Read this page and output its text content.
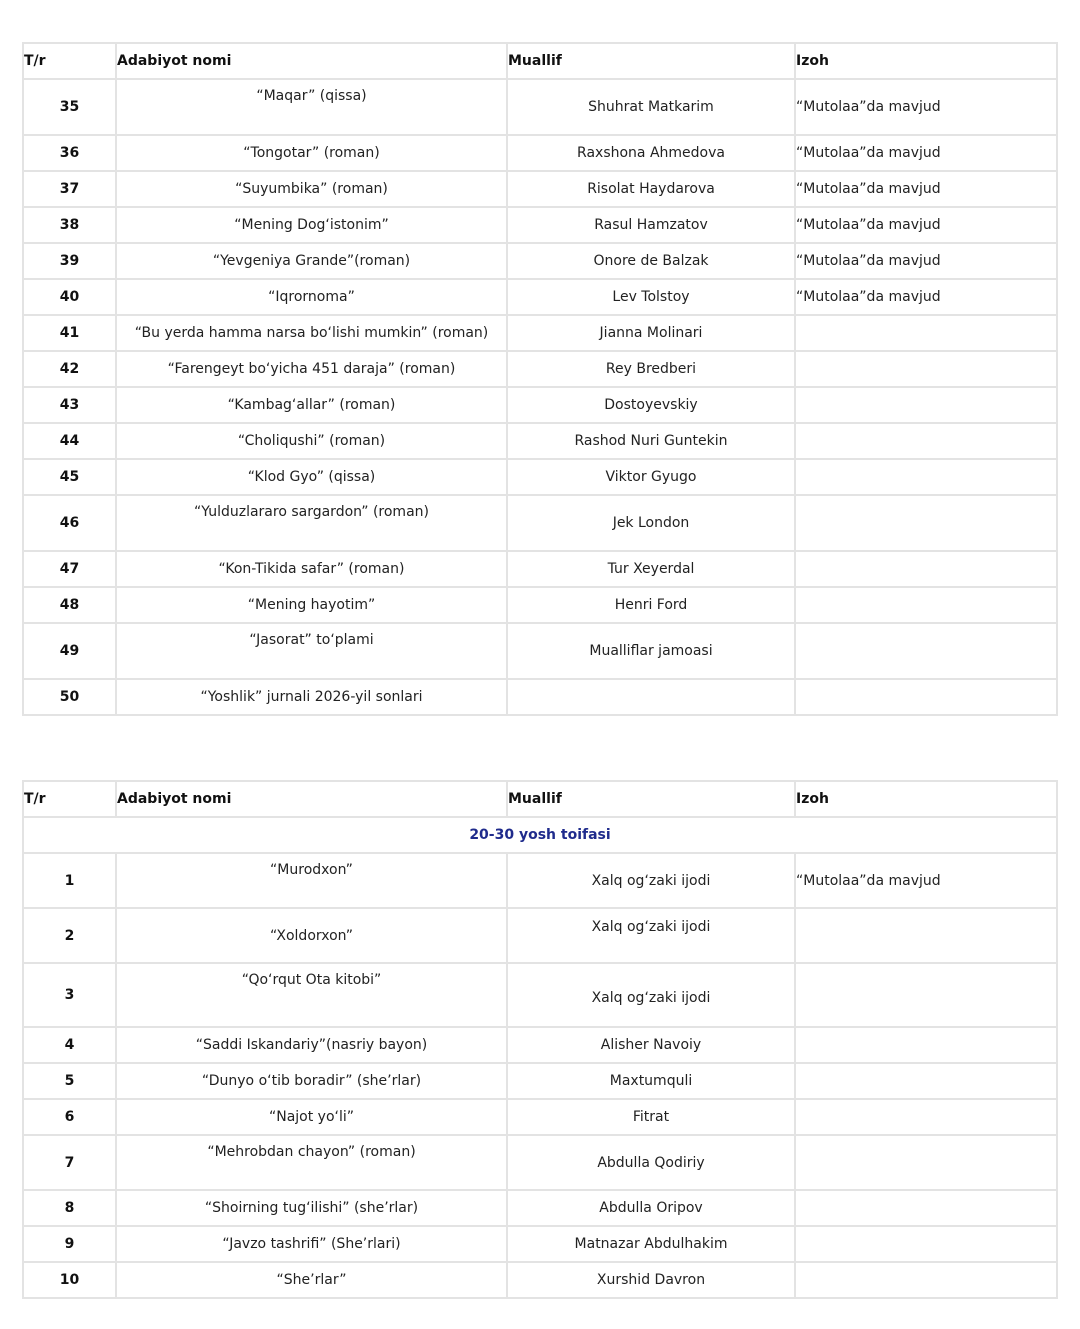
T/r	Adabiyot nomi	Muallif	Izoh
35	“Maqar” (qissa)	Shuhrat Matkarim	“Mutolaa”da mavjud
36	“Tongotar” (roman)	Raxshona Ahmedova	“Mutolaa”da mavjud
37	“Suyumbika” (roman)	Risolat Haydarova	“Mutolaa”da mavjud
38	“Mening Dog‘istonim”	Rasul Hamzatov	“Mutolaa”da mavjud
39	“Yevgeniya Grande”(roman)	Onore de Balzak	“Mutolaa”da mavjud
40	“Iqrornoma”	Lev Tolstoy	“Mutolaa”da mavjud
41	“Bu yerda hamma narsa bo‘lishi mumkin” (roman)	Jianna Molinari	
42	“Farengeyt bo‘yicha 451 daraja” (roman)	Rey Bredberi	
43	“Kambag‘allar” (roman)	Dostoyevskiy	
44	“Choliqushi” (roman)	Rashod Nuri Guntekin	
45	“Klod Gyo” (qissa)	Viktor Gyugo	
46	“Yulduzlararo sargardon” (roman)	Jek London	
47	“Kon-Tikida safar” (roman)	Tur Xeyerdal	
48	“Mening hayotim”	Henri Ford	
49	“Jasorat” to‘plami	Mualliflar jamoasi	
50	“Yoshlik” jurnali 2026-yil sonlari		
T/r	Adabiyot nomi	Muallif	Izoh
20-30 yosh toifasi			
1	“Murodxon”	Xalq og‘zaki ijodi	“Mutolaa”da mavjud
2	“Xoldorxon”	Xalq og‘zaki ijodi	
3	“Qo‘rqut Ota kitobi”	Xalq og‘zaki ijodi	
4	“Saddi Iskandariy”(nasriy bayon)	Alisher Navoiy	
5	“Dunyo o‘tib boradir” (she’rlar)	Maxtumquli	
6	“Najot yo‘li”	Fitrat	
7	“Mehrobdan chayon” (roman)	Abdulla Qodiriy	
8	“Shoirning tug‘ilishi” (she’rlar)	Abdulla Oripov	
9	“Javzo tashrifi” (She’rlari)	Matnazar Abdulhakim	
10	“She’rlar”	Xurshid Davron	
